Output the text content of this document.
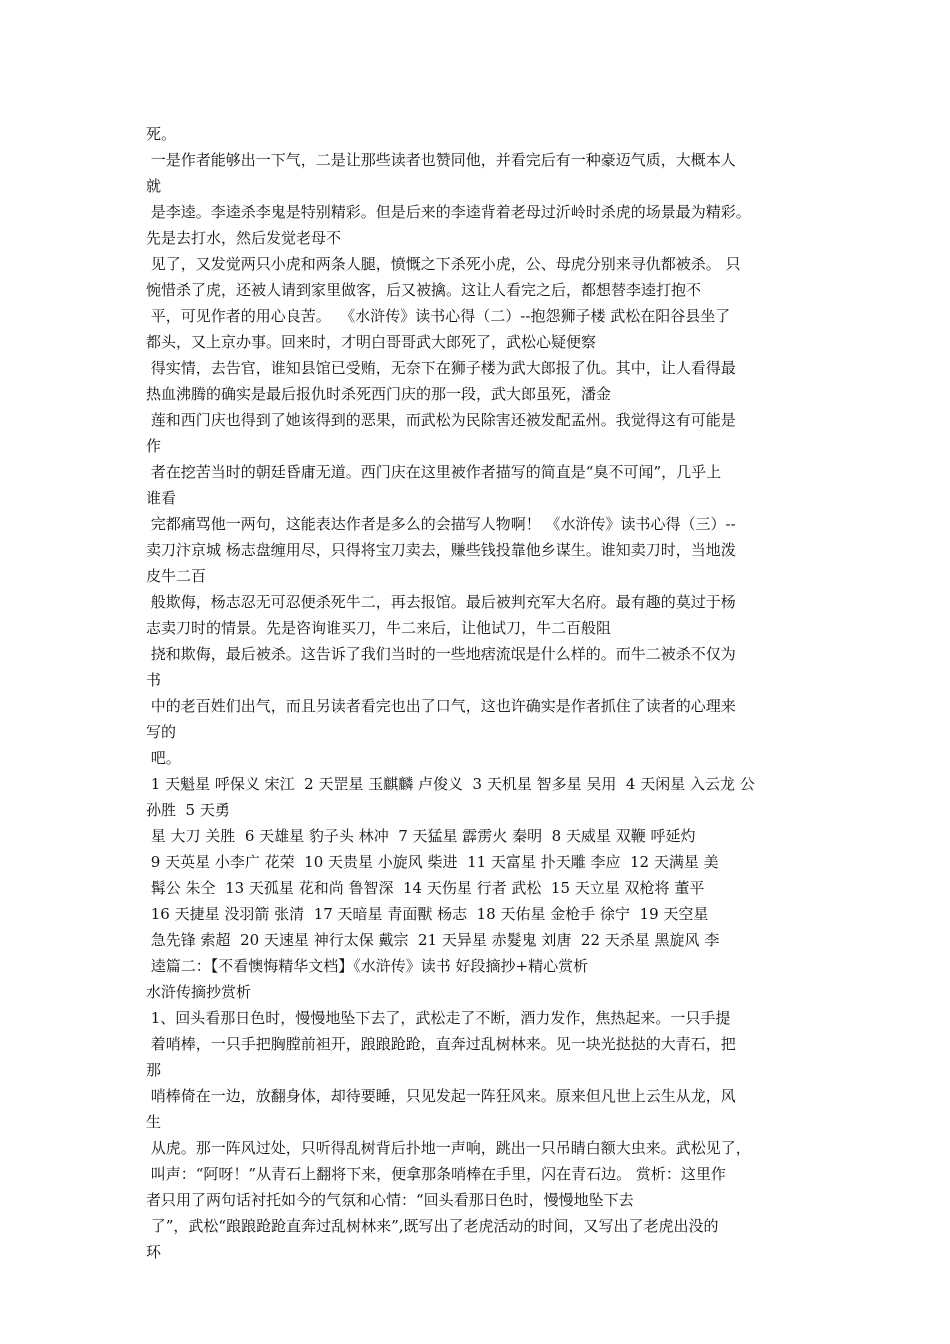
死。
一是作者能够出一下气，二是让那些读者也赞同他，并看完后有一种豪迈气质，大概本人
就
是李逵。李逵杀李鬼是特别精彩。但是后来的李逵背着老母过沂岭时杀虎的场景最为精彩。
先是去打水，然后发觉老母不
见了，又发觉两只小虎和两条人腿，愤慨之下杀死小虎，公、母虎分别来寻仇都被杀。 只
惋惜杀了虎，还被人请到家里做客，后又被擒。这让人看完之后，都想替李逵打抱不
平，可见作者的用心良苦。  《水浒传》读书心得（二）--抱怨狮子楼 武松在阳谷县坐了
都头，又上京办事。回来时，才明白哥哥武大郎死了，武松心疑便察
得实情，去告官，谁知县馆已受贿，无奈下在狮子楼为武大郎报了仇。其中，让人看得最
热血沸腾的确实是最后报仇时杀死西门庆的那一段，武大郎虽死，潘金
莲和西门庆也得到了她该得到的恶果，而武松为民除害还被发配孟州。我觉得这有可能是
作
者在挖苦当时的朝廷昏庸无道。西门庆在这里被作者描写的简直是“臭不可闻”，几乎上
谁看
完都痛骂他一两句，这能表达作者是多么的会描写人物啊！ 《水浒传》读书心得（三）--
卖刀汴京城 杨志盘缠用尽，只得将宝刀卖去，赚些钱投靠他乡谋生。谁知卖刀时，当地泼
皮牛二百
般欺侮，杨志忍无可忍便杀死牛二，再去报馆。最后被判充军大名府。最有趣的莫过于杨
志卖刀时的情景。先是咨询谁买刀，牛二来后，让他试刀，牛二百般阻
挠和欺侮，最后被杀。这告诉了我们当时的一些地痞流氓是什么样的。而牛二被杀不仅为
书
中的老百姓们出气，而且另读者看完也出了口气，这也许确实是作者抓住了读者的心理来
写的
吧。
1 天魁星 呼保义 宋江  2 天罡星 玉麒麟 卢俊义  3 天机星 智多星 吴用  4 天闲星 入云龙 公
孙胜  5 天勇
星 大刀 关胜  6 天雄星 豹子头 林冲  7 天猛星 霹雳火 秦明  8 天威星 双鞭 呼延灼
9 天英星 小李广 花荣  10 天贵星 小旋风 柴进  11 天富星 扑天雕 李应  12 天满星 美
髯公 朱仝  13 天孤星 花和尚 鲁智深  14 天伤星 行者 武松  15 天立星 双枪将 董平
16 天捷星 没羽箭 张清  17 天暗星 青面獸 杨志  18 天佑星 金枪手 徐宁  19 天空星
急先锋 索超  20 天速星 神行太保 戴宗  21 天异星 赤髮鬼 刘唐  22 天杀星 黑旋风 李
逵篇二：【不看懊悔精华文档】《水浒传》读书 好段摘抄+精心赏析
水浒传摘抄赏析
1、回头看那日色时，慢慢地坠下去了，武松走了不断，酒力发作，焦热起来。一只手提
着哨棒，一只手把胸膛前袒开，踉踉跄跄，直奔过乱树林来。见一块光挞挞的大青石，把
那
哨棒倚在一边，放翻身体，却待要睡，只见发起一阵狂风来。原来但凡世上云生从龙，风
生
从虎。那一阵风过处，只听得乱树背后扑地一声响，跳出一只吊睛白额大虫来。武松见了，
叫声：“阿呀！”从青石上翻将下来，便拿那条哨棒在手里，闪在青石边。 赏析：这里作
者只用了两句话衬托如今的气氛和心情：“回头看那日色时，慢慢地坠下去
了”，武松“踉踉跄跄直奔过乱树林来”,既写出了老虎活动的时间，又写出了老虎出没的
环
